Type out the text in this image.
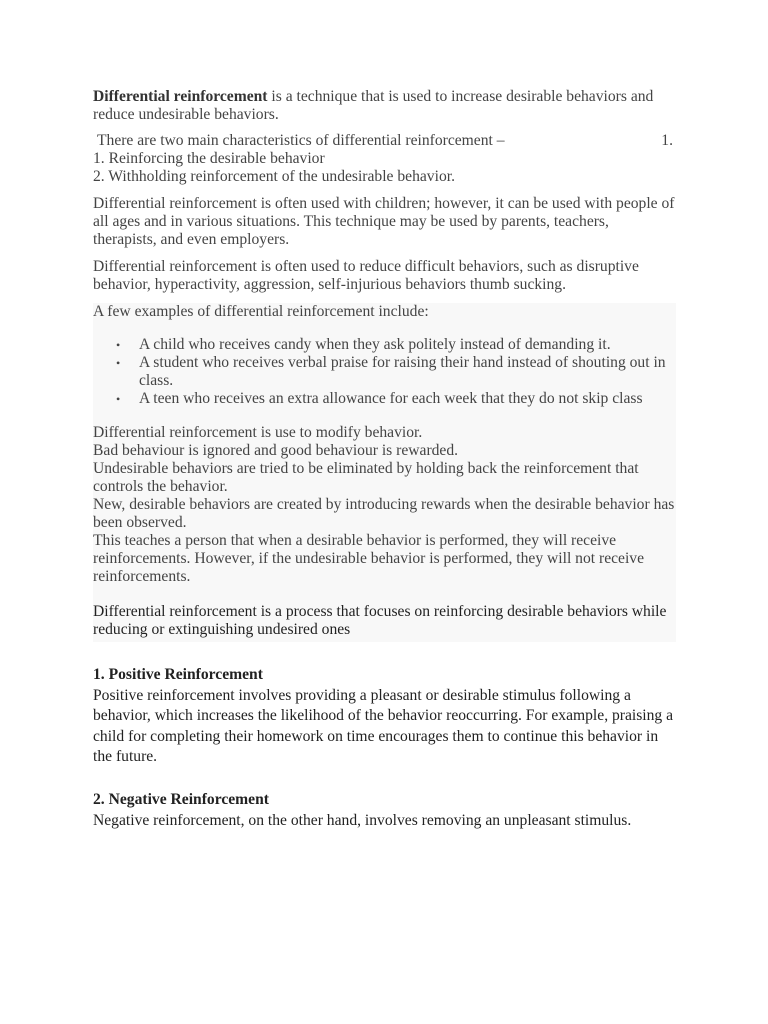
Differential reinforcement is a technique that is used to increase desirable behaviors and reduce undesirable behaviors.

There are two main characteristics of differential reinforcement –	1.
1. Reinforcing the desirable behavior
2. Withholding reinforcement of the undesirable behavior.

Differential reinforcement is often used with children; however, it can be used with people of all ages and in various situations. This technique may be used by parents, teachers, therapists, and even employers.

Differential reinforcement is often used to reduce difficult behaviors, such as disruptive behavior, hyperactivity, aggression, self-injurious behaviors thumb sucking.

A few examples of differential reinforcement include:

• A child who receives candy when they ask politely instead of demanding it.
• A student who receives verbal praise for raising their hand instead of shouting out in class.
• A teen who receives an extra allowance for each week that they do not skip class
Differential reinforcement is use to modify behavior.
Bad behaviour is ignored and good behaviour is rewarded.
Undesirable behaviors are tried to be eliminated by holding back the reinforcement that controls the behavior.
New, desirable behaviors are created by introducing rewards when the desirable behavior has been observed.
This teaches a person that when a desirable behavior is performed, they will receive reinforcements. However, if the undesirable behavior is performed, they will not receive reinforcements.

Differential reinforcement is a process that focuses on reinforcing desirable behaviors while reducing or extinguishing undesired ones

1. Positive Reinforcement

Positive reinforcement involves providing a pleasant or desirable stimulus following a behavior, which increases the likelihood of the behavior reoccurring. For example, praising a child for completing their homework on time encourages them to continue this behavior in the future.

2. Negative Reinforcement

Negative reinforcement, on the other hand, involves removing an unpleasant stimulus.
